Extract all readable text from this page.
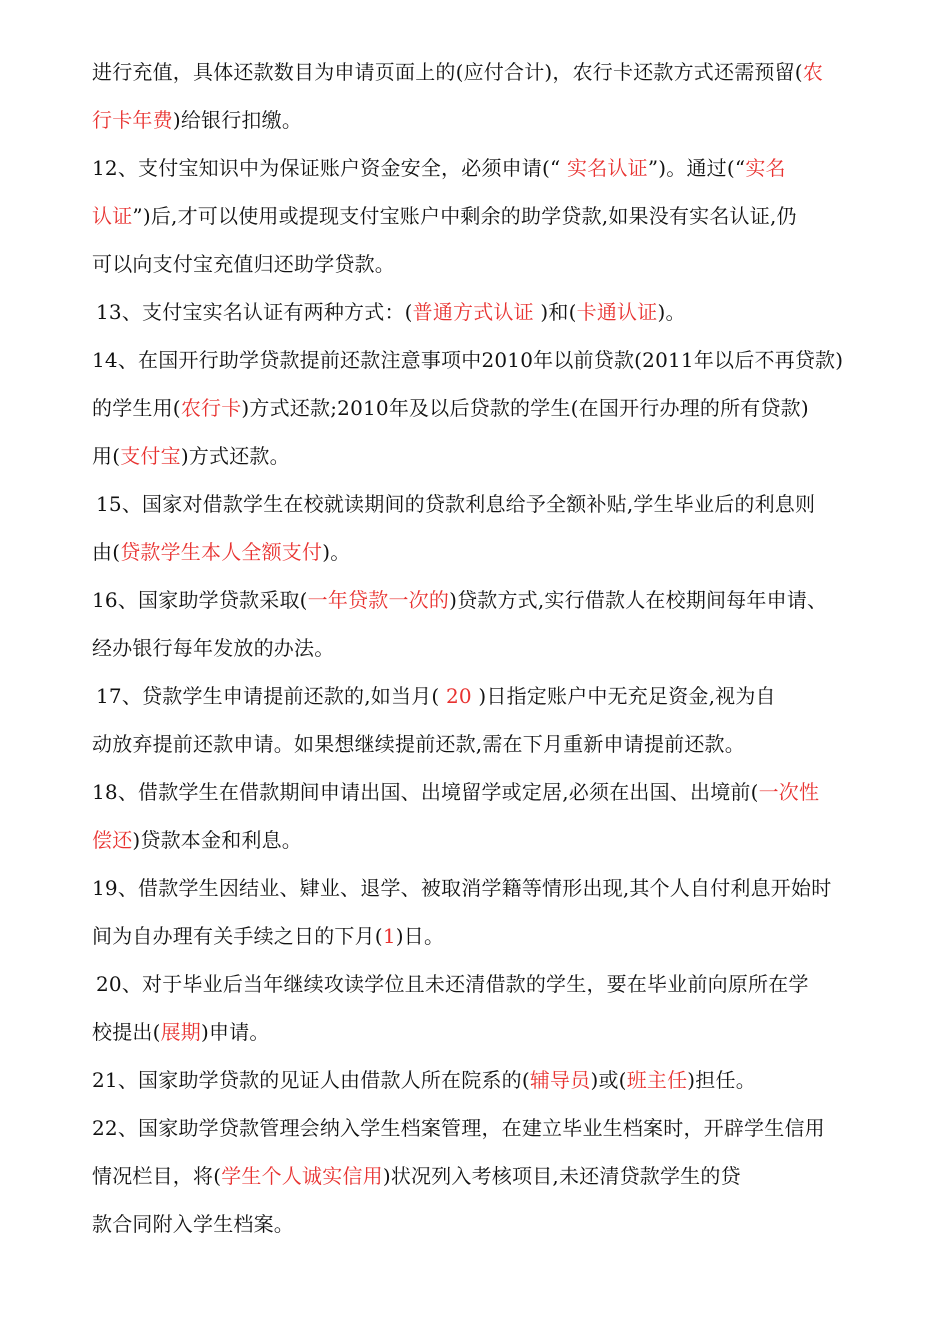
进行充值，具体还款数目为申请页面上的(应付合计)，农行卡还款方式还需预留(农
行卡年费)给银行扣缴。
12、支付宝知识中为保证账户资金安全，必须申请(“ 实名认证”)。通过(“实名
认证”)后,才可以使用或提现支付宝账户中剩余的助学贷款,如果没有实名认证,仍
可以向支付宝充值归还助学贷款。
13、支付宝实名认证有两种方式：(普通方式认证 )和(卡通认证)。
14、在国开行助学贷款提前还款注意事项中2010年以前贷款(2011年以后不再贷款)
的学生用(农行卡)方式还款;2010年及以后贷款的学生(在国开行办理的所有贷款)
用(支付宝)方式还款。
15、国家对借款学生在校就读期间的贷款利息给予全额补贴,学生毕业后的利息则
由(贷款学生本人全额支付)。
16、国家助学贷款采取(一年贷款一次的)贷款方式,实行借款人在校期间每年申请、
经办银行每年发放的办法。
17、贷款学生申请提前还款的,如当月( 20 )日指定账户中无充足资金,视为自
动放弃提前还款申请。如果想继续提前还款,需在下月重新申请提前还款。
18、借款学生在借款期间申请出国、出境留学或定居,必须在出国、出境前(一次性
偿还)贷款本金和利息。
19、借款学生因结业、肄业、退学、被取消学籍等情形出现,其个人自付利息开始时
间为自办理有关手续之日的下月(1)日。
20、对于毕业后当年继续攻读学位且未还清借款的学生，要在毕业前向原所在学
校提出(展期)申请。
21、国家助学贷款的见证人由借款人所在院系的(辅导员)或(班主任)担任。
22、国家助学贷款管理会纳入学生档案管理，在建立毕业生档案时，开辟学生信用
情况栏目，将(学生个人诚实信用)状况列入考核项目,未还清贷款学生的贷
款合同附入学生档案。
